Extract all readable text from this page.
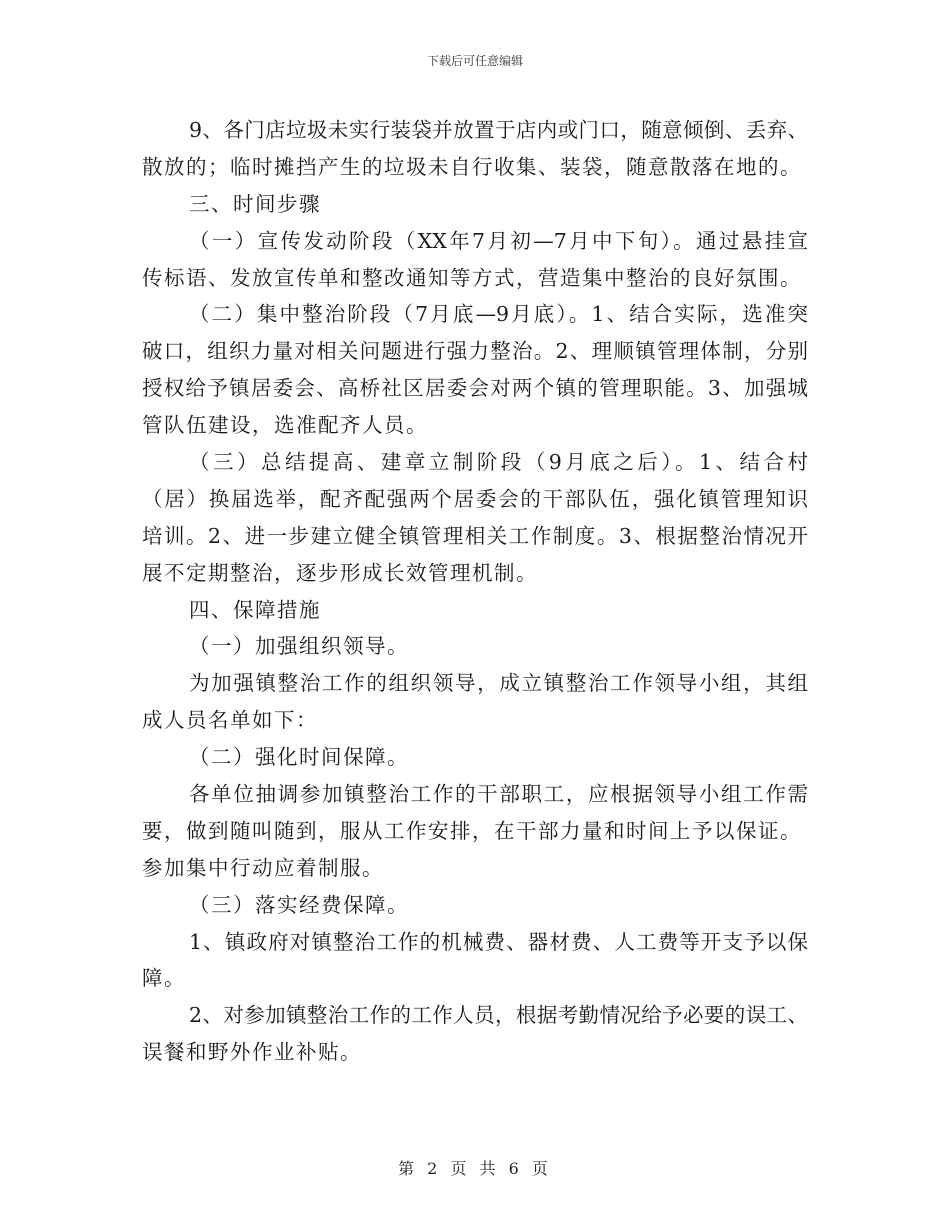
下载后可任意编辑
9、各门店垃圾未实行装袋并放置于店内或门口，随意倾倒、丢弃、
散放的；临时摊挡产生的垃圾未自行收集、装袋，随意散落在地的。
三、时间步骤
（一）宣传发动阶段（XX年7月初—7月中下旬）。通过悬挂宣
传标语、发放宣传单和整改通知等方式，营造集中整治的良好氛围。
（二）集中整治阶段（7月底—9月底）。1、结合实际，选准突
破口，组织力量对相关问题进行强力整治。2、理顺镇管理体制，分别
授权给予镇居委会、高桥社区居委会对两个镇的管理职能。3、加强城
管队伍建设，选准配齐人员。
（三）总结提高、建章立制阶段（9月底之后）。1、结合村
（居）换届选举，配齐配强两个居委会的干部队伍，强化镇管理知识
培训。2、进一步建立健全镇管理相关工作制度。3、根据整治情况开
展不定期整治，逐步形成长效管理机制。
四、保障措施
（一）加强组织领导。
为加强镇整治工作的组织领导，成立镇整治工作领导小组，其组
成人员名单如下：
（二）强化时间保障。
各单位抽调参加镇整治工作的干部职工，应根据领导小组工作需
要，做到随叫随到，服从工作安排，在干部力量和时间上予以保证。
参加集中行动应着制服。
（三）落实经费保障。
1、镇政府对镇整治工作的机械费、器材费、人工费等开支予以保
障。
2、对参加镇整治工作的工作人员，根据考勤情况给予必要的误工、
误餐和野外作业补贴。
第 2 页 共 6 页
